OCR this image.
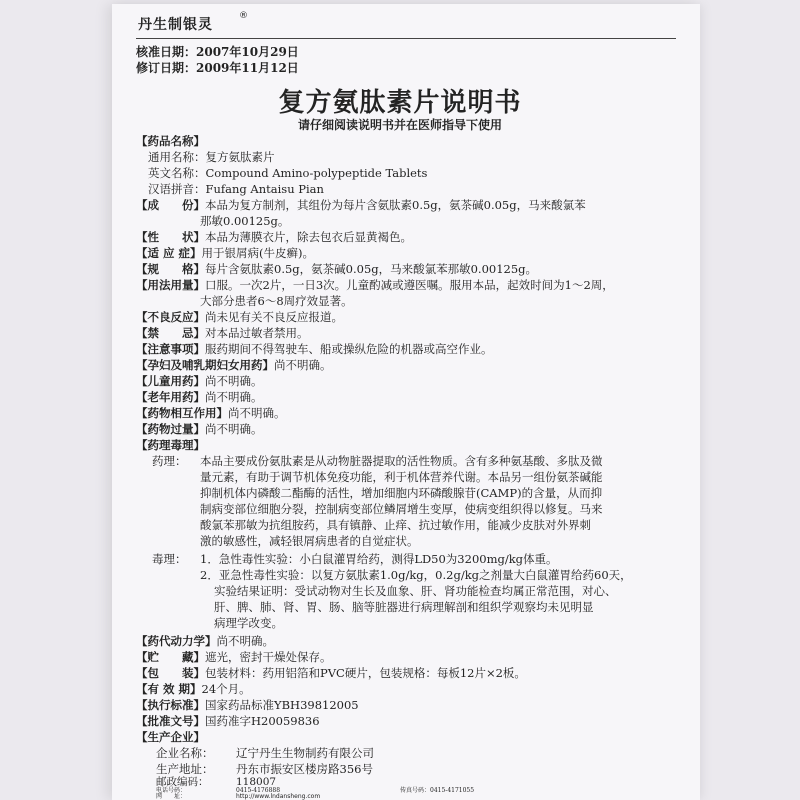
丹生制银灵
®
核准日期：2007年10月29日
修订日期：2009年11月12日
复方氨肽素片说明书
请仔细阅读说明书并在医师指导下使用
【药品名称】
通用名称：复方氨肽素片
英文名称：Compound Amino-polypeptide Tablets
汉语拼音：Fufang Antaisu Pian
【成　　份】本品为复方制剂，其组份为每片含氨肽素0.5g，氨茶碱0.05g，马来酸氯苯
那敏0.00125g。
【性　　状】本品为薄膜衣片，除去包衣后显黄褐色。
【适 应 症】用于银屑病(牛皮癣)。
【规　　格】每片含氨肽素0.5g，氨茶碱0.05g，马来酸氯苯那敏0.00125g。
【用法用量】口服。一次2片，一日3次。儿童酌减或遵医嘱。服用本品，起效时间为1～2周，
大部分患者6～8周疗效显著。
【不良反应】尚未见有关不良反应报道。
【禁　　忌】对本品过敏者禁用。
【注意事项】服药期间不得驾驶车、船或操纵危险的机器或高空作业。
【孕妇及哺乳期妇女用药】尚不明确。
【儿童用药】尚不明确。
【老年用药】尚不明确。
【药物相互作用】尚不明确。
【药物过量】尚不明确。
【药理毒理】
药理： 本品主要成份氨肽素是从动物脏器提取的活性物质。含有多种氨基酸、多肽及微
量元素，有助于调节机体免疫功能，利于机体营养代谢。本品另一组份氨茶碱能
抑制机体内磷酸二酯酶的活性，增加细胞内环磷酸腺苷(CAMP)的含量，从而抑
制病变部位细胞分裂，控制病变部位鳞屑增生变厚，使病变组织得以修复。马来
酸氯苯那敏为抗组胺药，具有镇静、止痒、抗过敏作用，能减少皮肤对外界刺
激的敏感性，减轻银屑病患者的自觉症状。
毒理： 1．急性毒性实验：小白鼠灌胃给药，测得LD50为3200mg/kg体重。
2．亚急性毒性实验：以复方氨肽素1.0g/kg，0.2g/kg之剂量大白鼠灌胃给药60天，
实验结果证明：受试动物对生长及血象、肝、肾功能检查均属正常范围，对心、
肝、脾、肺、肾、胃、肠、脑等脏器进行病理解剖和组织学观察均未见明显
病理学改变。
【药代动力学】尚不明确。
【贮　　藏】遮光，密封干燥处保存。
【包　　装】包装材料：药用铝箔和PVC硬片，包装规格：每板12片×2板。
【有 效 期】24个月。
【执行标准】国家药品标准YBH39812005
【批准文号】国药准字H20059836
【生产企业】
企业名称： 辽宁丹生生物制药有限公司
生产地址： 丹东市振安区楼房路356号
邮政编码：	118007
电话号码：	0415-4176888	传真号码：0415-4171055
网　　址：	http://www.lndansheng.com
